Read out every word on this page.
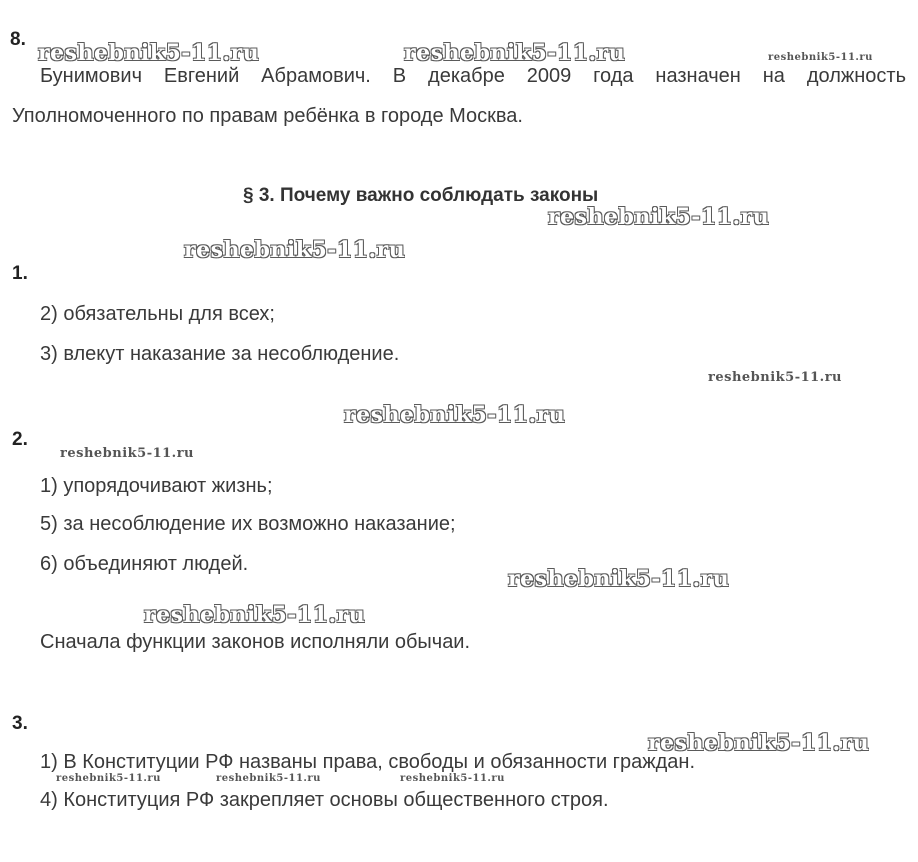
8.
Бунимович Евгений Абрамович. В декабре 2009 года назначен на должность
Уполномоченного по правам ребёнка в городе Москва.
§ 3. Почему важно соблюдать законы
1.
2) обязательны для всех;
3) влекут наказание за несоблюдение.
2.
1) упорядочивают жизнь;
5) за несоблюдение их возможно наказание;
6) объединяют людей.
Сначала функции законов исполняли обычаи.
3.
1) В Конституции РФ названы права, свободы и обязанности граждан.
4) Конституция РФ закрепляет основы общественного строя.
reshebnik5-11.ru	reshebnik5-11.ru	reshebnik5-11.ru
reshebnik5-11.ru
reshebnik5-11.ru
reshebnik5-11.ru
reshebnik5-11.ru
reshebnik5-11.ru
reshebnik5-11.ru
reshebnik5-11.ru
reshebnik5-11.ru
reshebnik5-11.ru	reshebnik5-11.ru	reshebnik5-11.ru
